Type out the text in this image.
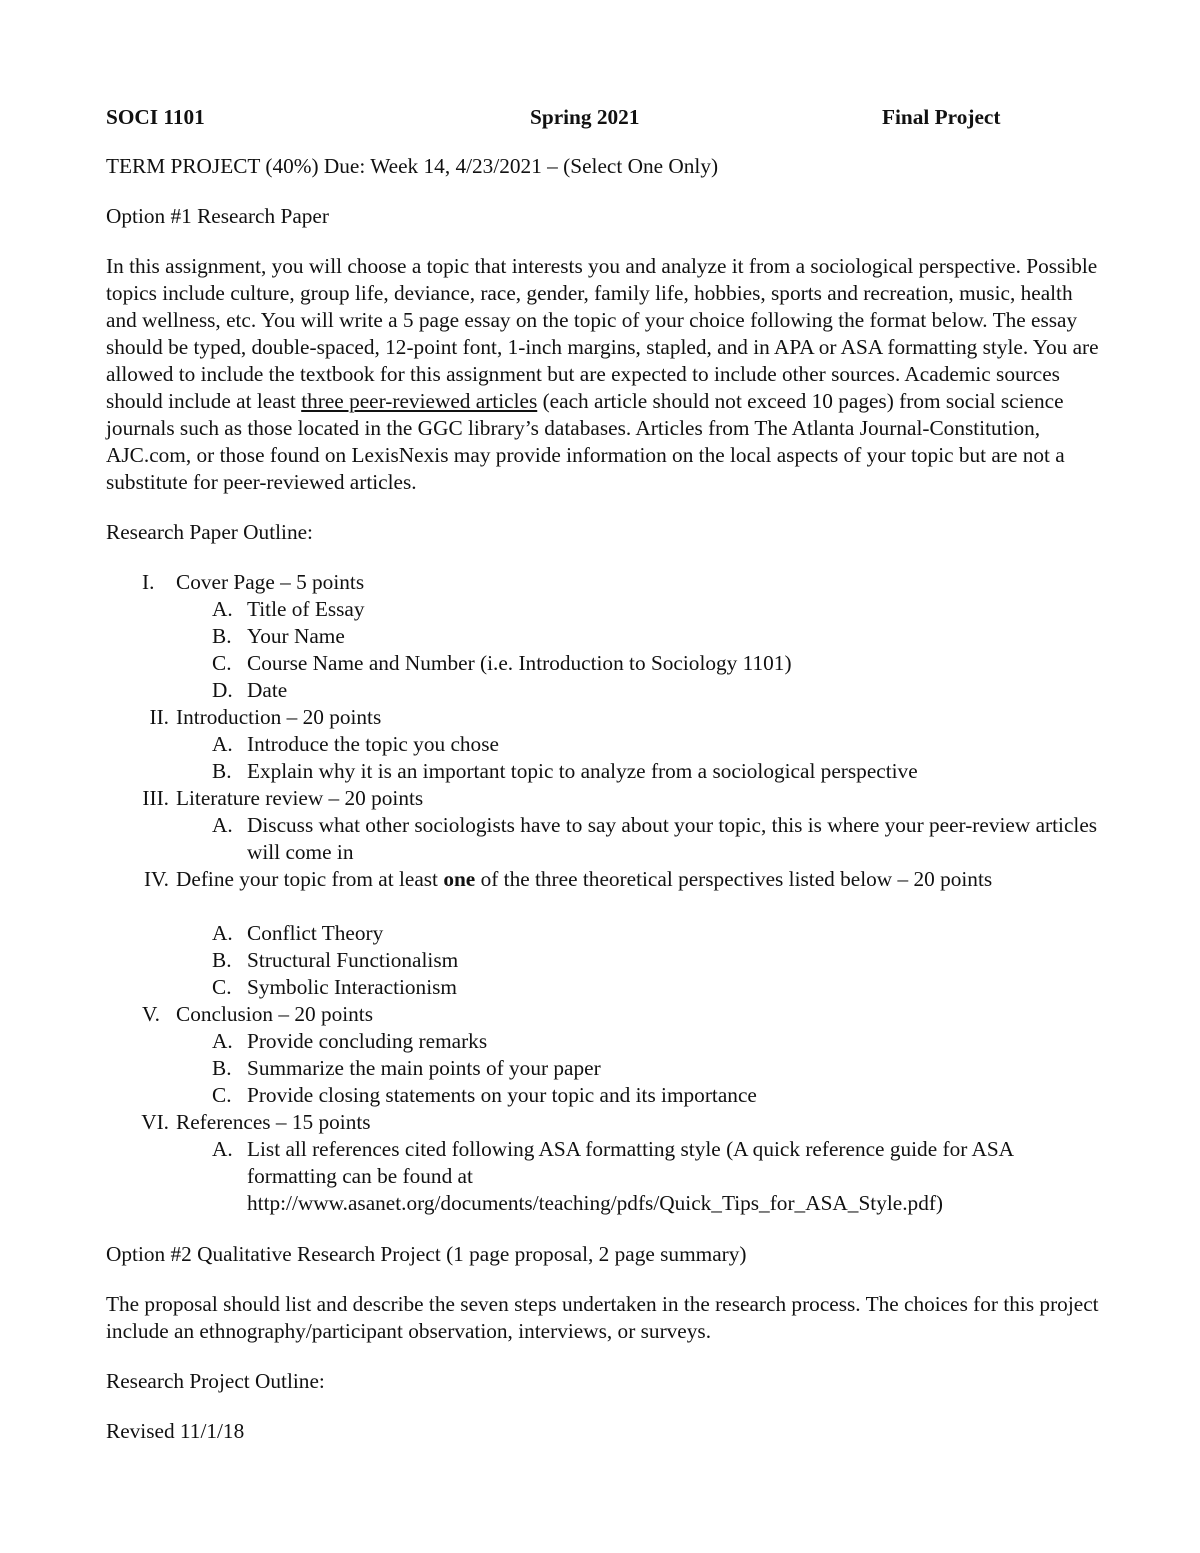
SOCI 1101	Spring 2021	Final Project

TERM PROJECT (40%) Due: Week 14, 4/23/2021 – (Select One Only)

Option #1 Research Paper

In this assignment, you will choose a topic that interests you and analyze it from a sociological perspective. Possible topics include culture, group life, deviance, race, gender, family life, hobbies, sports and recreation, music, health and wellness, etc. You will write a 5 page essay on the topic of your choice following the format below. The essay should be typed, double-spaced, 12-point font, 1-inch margins, stapled, and in APA or ASA formatting style. You are allowed to include the textbook for this assignment but are expected to include other sources. Academic sources should include at least three peer-reviewed articles (each article should not exceed 10 pages) from social science journals such as those located in the GGC library’s databases. Articles from The Atlanta Journal-Constitution, AJC.com, or those found on LexisNexis may provide information on the local aspects of your topic but are not a substitute for peer-reviewed articles.

Research Paper Outline:

I. Cover Page – 5 points
A. Title of Essay
B. Your Name
C. Course Name and Number (i.e. Introduction to Sociology 1101)
D. Date
II. Introduction – 20 points
A. Introduce the topic you chose
B. Explain why it is an important topic to analyze from a sociological perspective
III. Literature review – 20 points
A. Discuss what other sociologists have to say about your topic, this is where your peer-review articles will come in
IV. Define your topic from at least one of the three theoretical perspectives listed below – 20 points
A. Conflict Theory
B. Structural Functionalism
C. Symbolic Interactionism
V. Conclusion – 20 points
A. Provide concluding remarks
B. Summarize the main points of your paper
C. Provide closing statements on your topic and its importance
VI. References – 15 points
A. List all references cited following ASA formatting style (A quick reference guide for ASA formatting can be found at http://www.asanet.org/documents/teaching/pdfs/Quick_Tips_for_ASA_Style.pdf)

Option #2 Qualitative Research Project (1 page proposal, 2 page summary)

The proposal should list and describe the seven steps undertaken in the research process. The choices for this project include an ethnography/participant observation, interviews, or surveys.

Research Project Outline:

Revised 11/1/18
